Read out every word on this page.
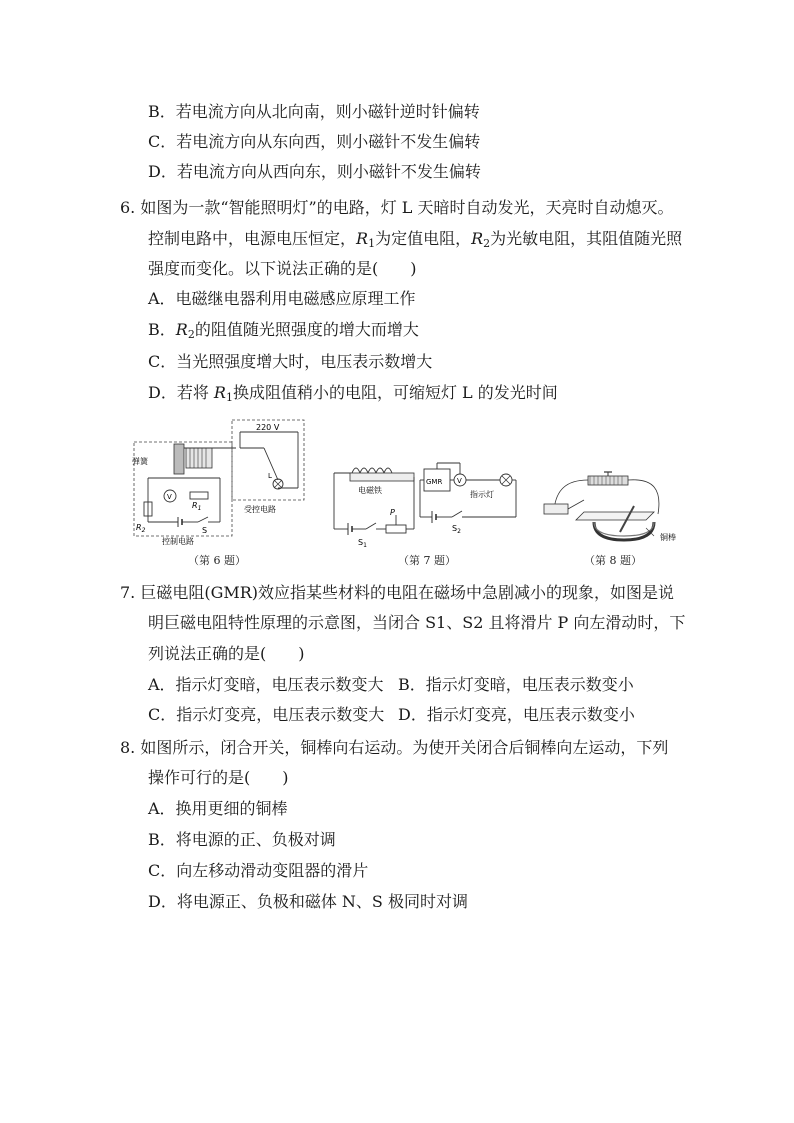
B．若电流方向从北向南，则小磁针逆时针偏转
C．若电流方向从东向西，则小磁针不发生偏转
D．若电流方向从西向东，则小磁针不发生偏转
6. 如图为一款“智能照明灯”的电路，灯 L 天暗时自动发光，天亮时自动熄灭。
控制电路中，电源电压恒定，$R_1$为定值电阻，$R_2$为光敏电阻，其阻值随光照
强度而变化。以下说法正确的是(　　)
A．电磁继电器利用电磁感应原理工作
B．$R_2$的阻值随光照强度的增大而增大
C．当光照强度增大时，电压表示数增大
D．若将 $R_1$换成阻值稍小的电阻，可缩短灯 L 的发光时间
220 V
L
受控电路
弹簧
V
$R_1$
$R_2$	S
控制电路
（第 6 题）
电磁铁
$S_1$
P
GMR V
指示灯
$S_2$
（第 7 题）
铜棒
（第 8 题）
7. 巨磁电阻(GMR)效应指某些材料的电阻在磁场中急剧减小的现象，如图是说
明巨磁电阻特性原理的示意图，当闭合 S1、S2 且将滑片 P 向左滑动时，下
列说法正确的是(　　)
A．指示灯变暗，电压表示数变大 B．指示灯变暗，电压表示数变小
C．指示灯变亮，电压表示数变大 D．指示灯变亮，电压表示数变小
8. 如图所示，闭合开关，铜棒向右运动。为使开关闭合后铜棒向左运动，下列
操作可行的是(　　)
A．换用更细的铜棒
B．将电源的正、负极对调
C．向左移动滑动变阻器的滑片
D．将电源正、负极和磁体 N、S 极同时对调
